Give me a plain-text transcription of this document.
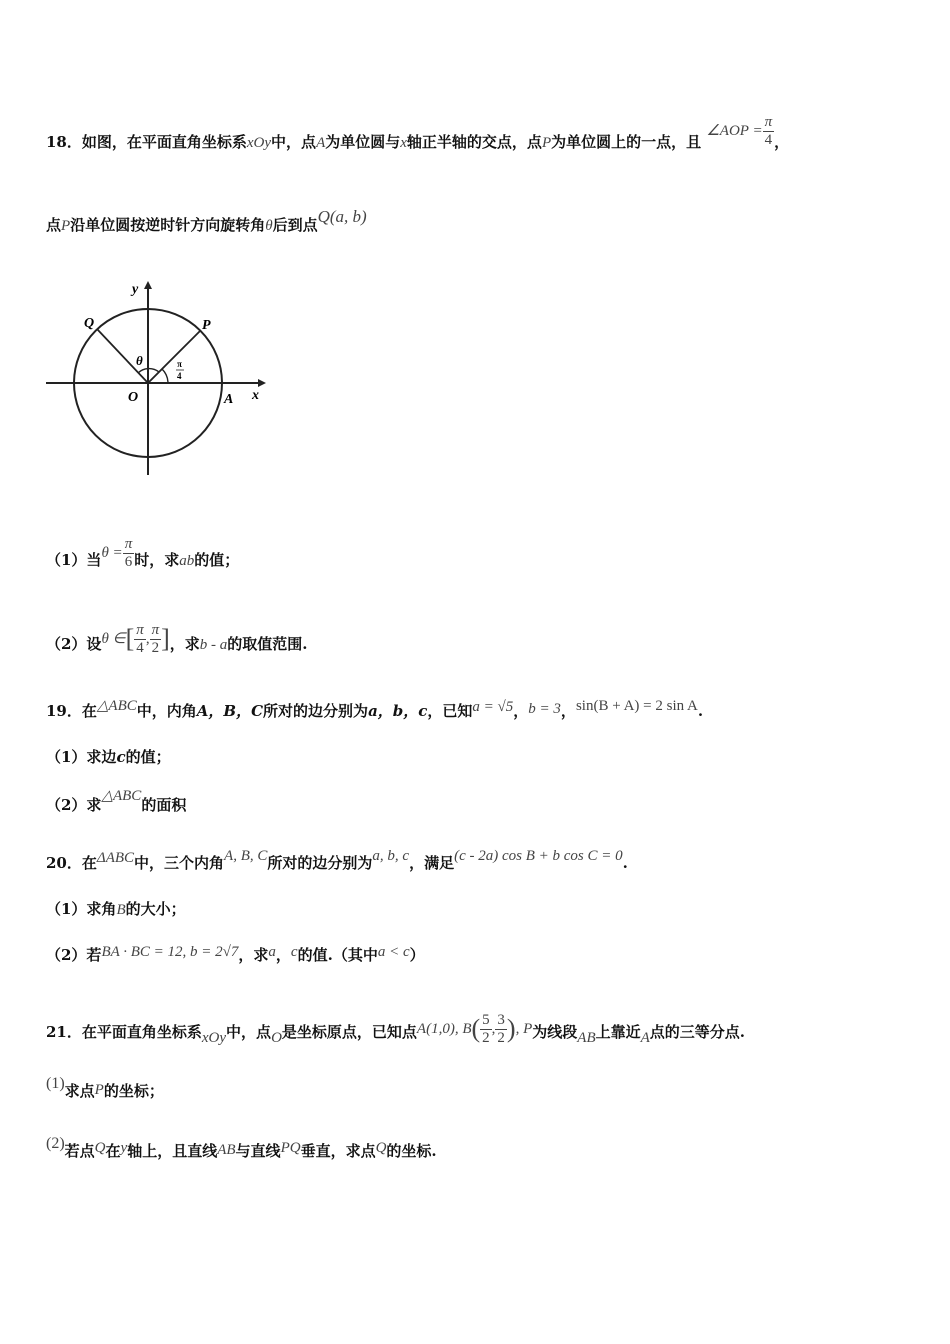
18．如图，在平面直角坐标系xOy中，点A为单位圆与x轴正半轴的交点，点P为单位圆上的一点，且 ∠AOP = $\frac{\pi}{4}$ ，
点P沿单位圆按逆时针方向旋转角θ后到点Q(a, b)
y
x
Q	P
O	A
θ	π
4
（1）当$\theta = \frac{\pi}{6}$ 时，求ab的值；
（2）设θ ∈[ $\frac{\pi}{4}$ , $\frac{\pi}{2}$ ]，求b - a的取值范围.
19．在△ABC中，内角A，B，C所对的边分别为a，b，c，已知a = √5，b = 3，sin(B + A) = 2 sin A.
（1）求边c的值；
（2）求△ABC的面积
20．在ΔABC中，三个内角A, B, C所对的边分别为a, b, c，满足(c - 2a) cos B + b cos C = 0.
（1）求角B的大小；
（2）若BA · BC = 12, b = 2√7，求a，c的值.（其中a < c）
21．在平面直角坐标系xOy中，点O是坐标原点，已知点A(1,0), $B( \frac{5}{2}$ , $\frac{3}{2}$ ), P为线段AB上靠近A点的三等分点.
(1)求点P的坐标；
(2)若点Q在y轴上，且直线AB与直线PQ垂直，求点Q的坐标.
